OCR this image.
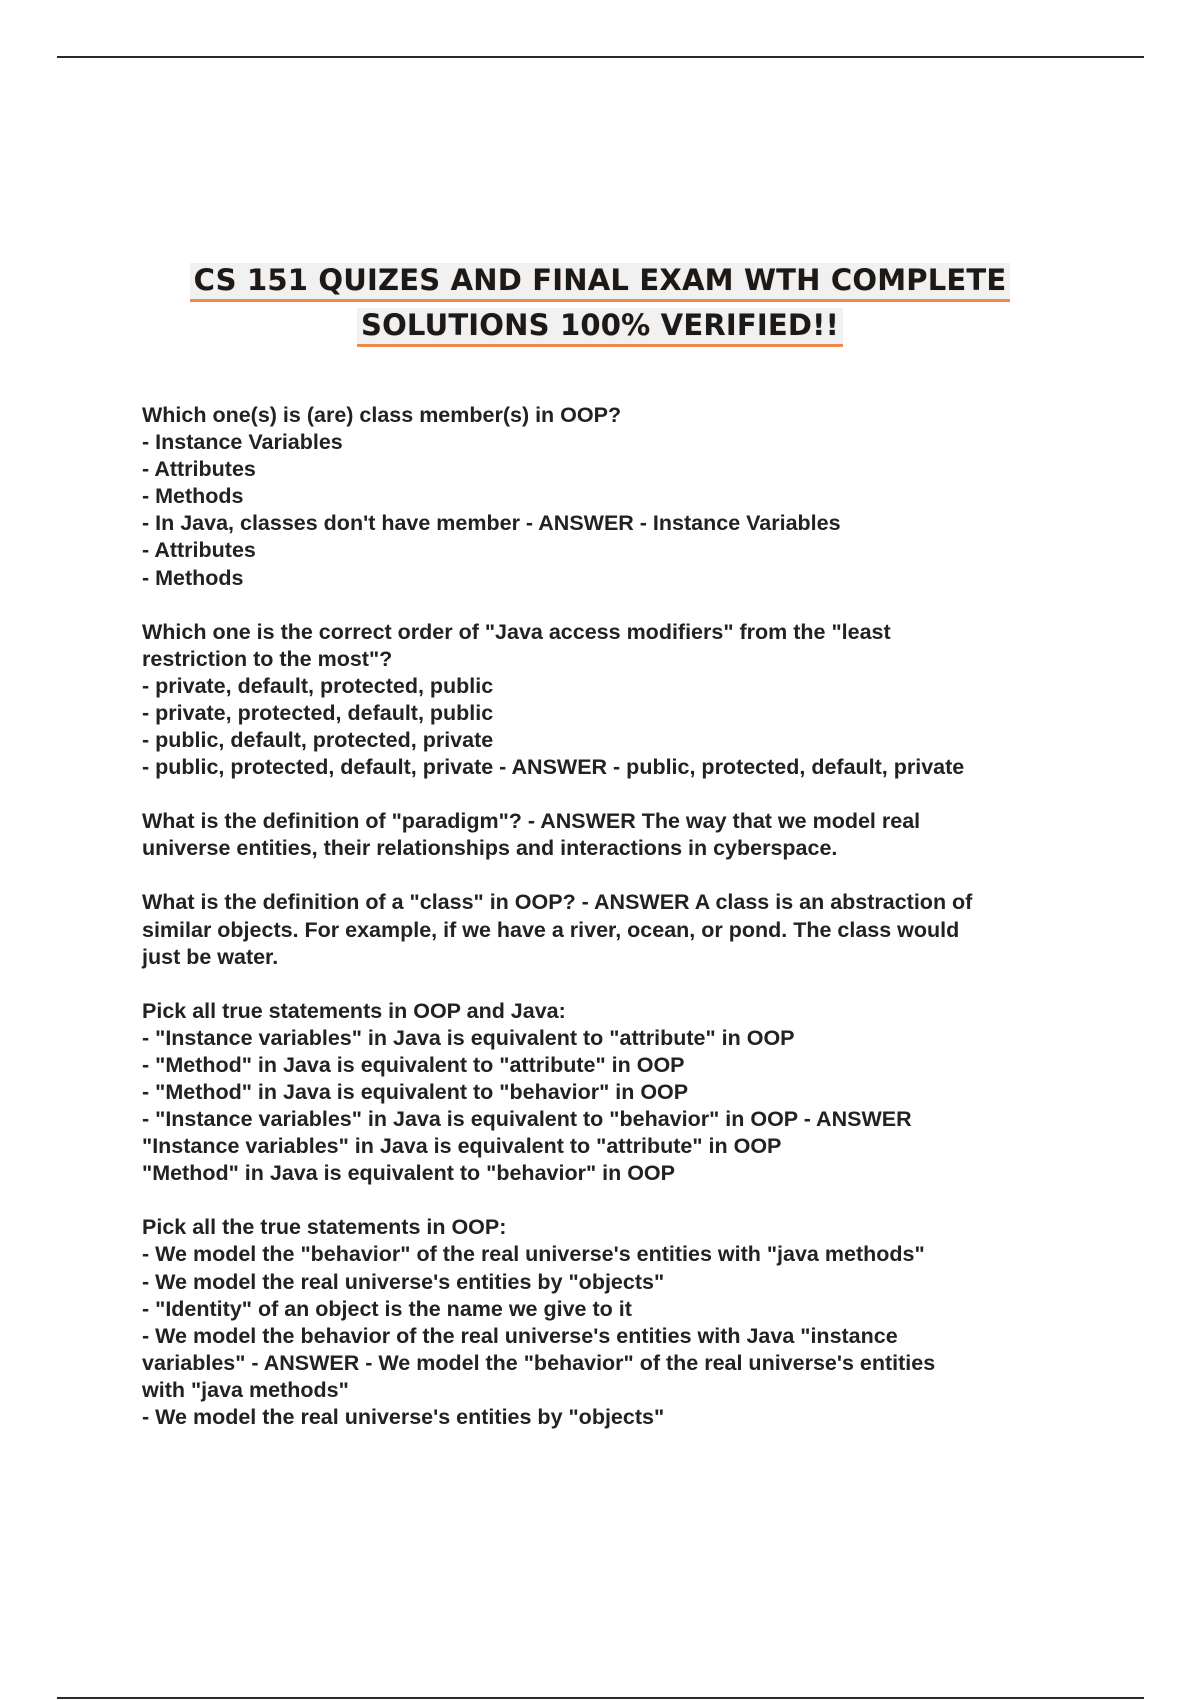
CS 151 QUIZES AND FINAL EXAM WTH COMPLETE
SOLUTIONS 100% VERIFIED!!
Which one(s) is (are) class member(s) in OOP?
- Instance Variables
- Attributes
- Methods
- In Java, classes don't have member - ANSWER - Instance Variables
- Attributes
- Methods
Which one is the correct order of "Java access modifiers" from the "least
restriction to the most"?
- private, default, protected, public
- private, protected, default, public
- public, default, protected, private
- public, protected, default, private - ANSWER - public, protected, default, private
What is the definition of "paradigm"? - ANSWER The way that we model real
universe entities, their relationships and interactions in cyberspace.
What is the definition of a "class" in OOP? - ANSWER A class is an abstraction of
similar objects. For example, if we have a river, ocean, or pond. The class would
just be water.
Pick all true statements in OOP and Java:
- "Instance variables" in Java is equivalent to "attribute" in OOP
- "Method" in Java is equivalent to "attribute" in OOP
- "Method" in Java is equivalent to "behavior" in OOP
- "Instance variables" in Java is equivalent to "behavior" in OOP - ANSWER
"Instance variables" in Java is equivalent to "attribute" in OOP
"Method" in Java is equivalent to "behavior" in OOP
Pick all the true statements in OOP:
- We model the "behavior" of the real universe's entities with "java methods"
- We model the real universe's entities by "objects"
- "Identity" of an object is the name we give to it
- We model the behavior of the real universe's entities with Java "instance
variables" - ANSWER - We model the "behavior" of the real universe's entities
with "java methods"
- We model the real universe's entities by "objects"
